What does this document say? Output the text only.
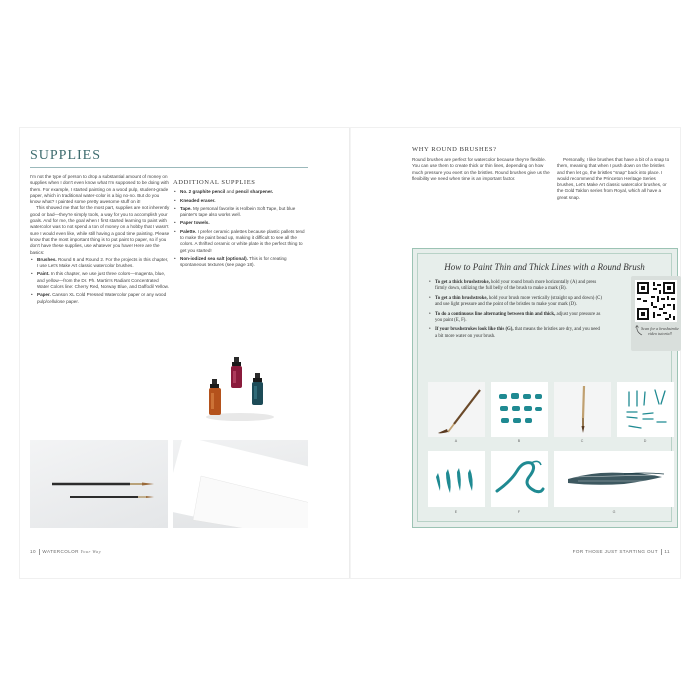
SUPPLIES

I'm not the type of person to drop a substantial amount of money on supplies when I don't even know what I'm supposed to be doing with them. For example, I started painting on a wood pulp, student-grade paper, which in traditional water-color is a big no-no. But do you know what? I painted some pretty awesome stuff on it!

This showed me that for the most part, supplies are not inherently good or bad—they're simply tools, a way for you to accomplish your goals. And for me, the goal when I first started learning to paint with watercolor was to not spend a ton of money on a hobby that I wasn't sure I would even like, while still having a good time painting. Please know that the most important thing is to put paint to paper, so if you don't have these supplies, use whatever you have! Here are the basics:

• Brushes. Round 6 and Round 2. For the projects in this chapter, I use Let's Make Art classic watercolor brushes.
• Paint. In this chapter, we use just three colors—magenta, blue, and yellow—from the Dr. Ph. Martin's Radiant Concentrated Water Colors line: Cherry Red, Norway Blue, and Daffodil Yellow.
• Paper. Canson XL Cold Pressed Watercolor paper or any wood pulp/cellulose paper.
ADDITIONAL SUPPLIES
• No. 2 graphite pencil and pencil sharpener.
• Kneaded eraser.
• Tape. My personal favorite is Holbein Soft Tape, but blue painter's tape also works well.
• Paper towels.
• Palette. I prefer ceramic palettes because plastic pallets tend to make the paint bead up, making it difficult to see all the colors. A thrifted ceramic or white plate is the perfect thing to get you started!
• Non-iodized sea salt (optional). This is for creating spontaneous textures (see page 18).
10 WATERCOLOR Your Way
WHY ROUND BRUSHES?

Round brushes are perfect for watercolor because they're flexible. You can use them to create thick or thin lines, depending on how much pressure you exert on the bristles. Round brushes give us the flexibility we need when time is an important factor.

Personally, I like brushes that have a bit of a snap to them, meaning that when I push down on the bristles and then let go, the bristles "snap" back into place. I would recommend the Princeton Heritage Series brushes, Let's Make Art classic watercolor brushes, or the Gold Taklon series from Royal, which all have a great snap.

How to Paint Thin and Thick Lines with a Round Brush
• To get a thick brushstroke, hold your round brush more horizontally (A) and press firmly down, utilizing the full belly of the brush to make a mark (B).
• To get a thin brushstroke, hold your brush more vertically (straight up and down) (C) and use light pressure and the point of the bristles to make your mark (D).
• To do a continuous line alternating between thin and thick, adjust your pressure as you paint (E, F).
• If your brushstrokes look like this (G), that means the bristles are dry, and you need a bit more water on your brush.
Scan for a brushstroke video tutorial!
A	B	C	D
E	F	G
FOR THOSE JUST STARTING OUT 11
